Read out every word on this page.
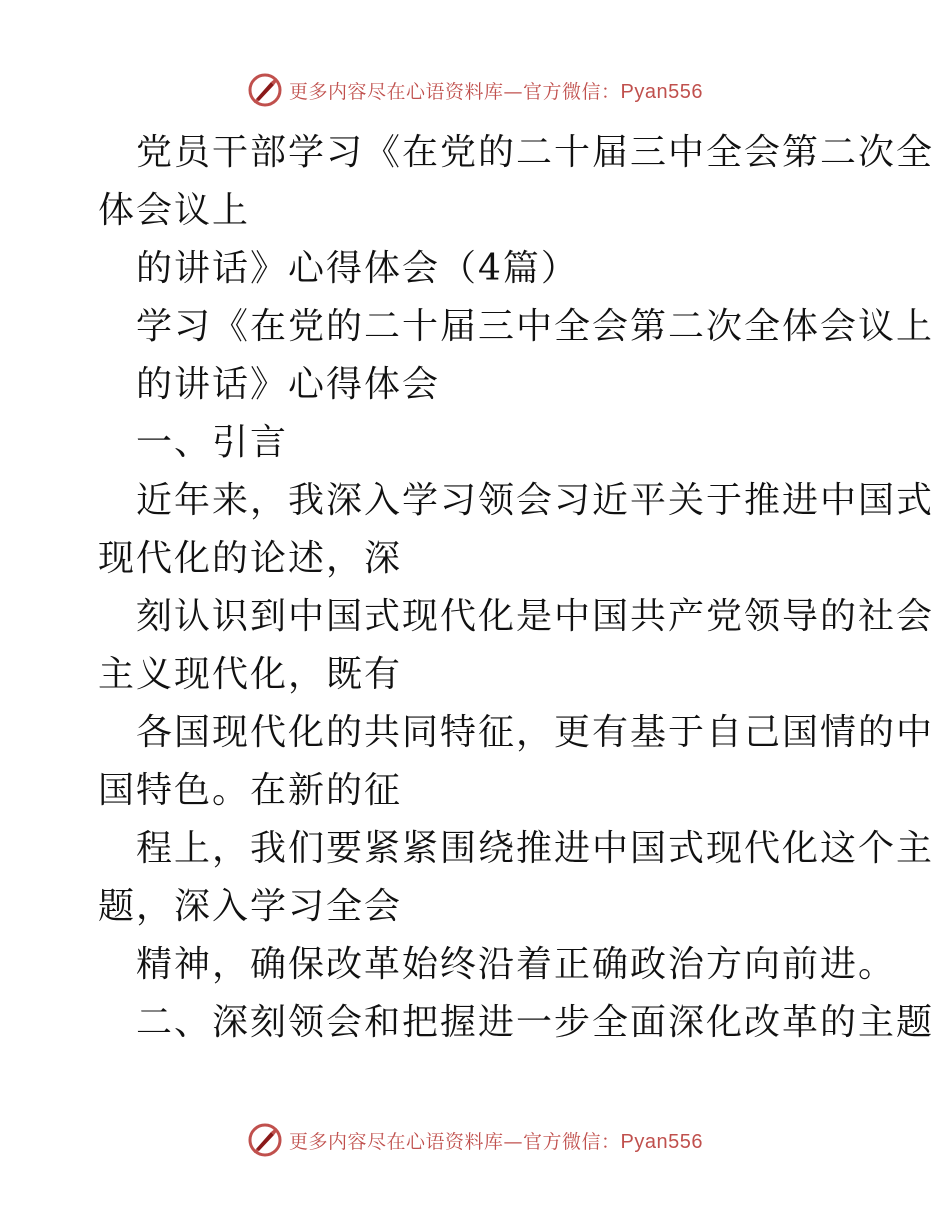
更多内容尽在心语资料库—官方微信：Pyan556
党员干部学习《在党的二十届三中全会第二次全
体会议上
的讲话》心得体会（4篇）
学习《在党的二十届三中全会第二次全体会议上
的讲话》心得体会
一、引言
近年来，我深入学习领会习近平关于推进中国式
现代化的论述，深
刻认识到中国式现代化是中国共产党领导的社会
主义现代化，既有
各国现代化的共同特征，更有基于自己国情的中
国特色。在新的征
程上，我们要紧紧围绕推进中国式现代化这个主
题，深入学习全会
精神，确保改革始终沿着正确政治方向前进。
二、深刻领会和把握进一步全面深化改革的主题
更多内容尽在心语资料库—官方微信：Pyan556
